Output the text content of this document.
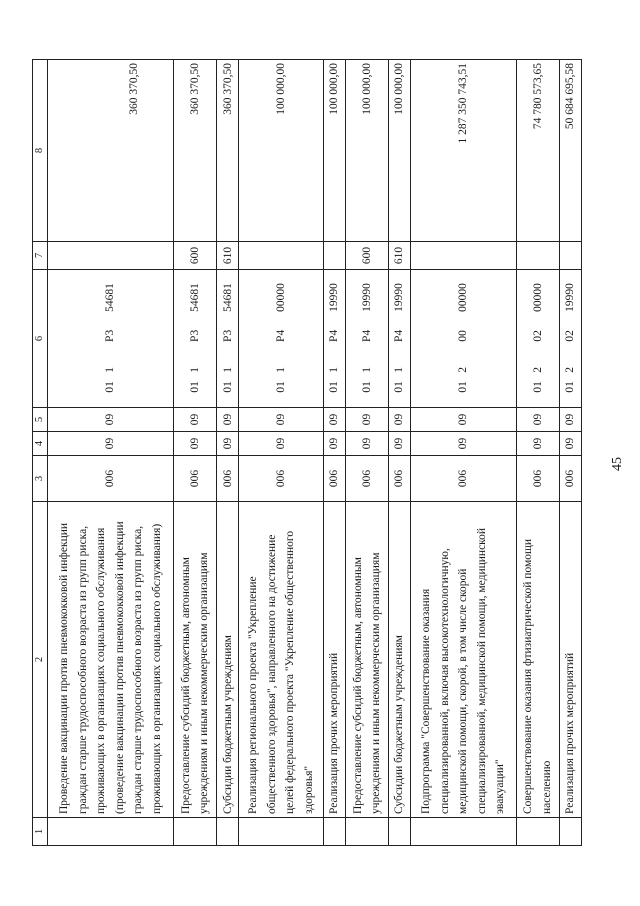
45
1	2	3	4	5	6	7	8
	Проведение вакцинации против пневмококковой инфекции граждан старше трудоспособного возраста из групп риска, проживающих в организациях социального обслуживания (проведение вакцинации против пневмококковой инфекции граждан старше трудоспособного возраста из групп риска, проживающих в организациях социального обслуживания)	006	09	09	011Р354681		360 370,50
	Предоставление субсидий бюджетным, автономным учреждениям и иным некоммерческим организациям	006	09	09	011Р354681	600	360 370,50
	Субсидии бюджетным учреждениям	006	09	09	011Р354681	610	360 370,50
	Реализация регионального проекта "Укрепление общественного здоровья", направленного на достижение целей федерального проекта "Укрепление общественного здоровья"	006	09	09	011Р400000		100 000,00
	Реализация прочих мероприятий	006	09	09	011Р419990		100 000,00
	Предоставление субсидий бюджетным, автономным учреждениям и иным некоммерческим организациям	006	09	09	011Р419990	600	100 000,00
	Субсидии бюджетным учреждениям	006	09	09	011Р419990	610	100 000,00
	Подпрограмма "Совершенствование оказания специализированной, включая высокотехнологичную, медицинской помощи, скорой, в том числе скорой специализированной, медицинской помощи, медицинской эвакуации"	006	09	09	0120000000		1 287 350 743,51
	Совершенствование оказания фтизиатрической помощи населению	006	09	09	0120200000		74 780 573,65
	Реализация прочих мероприятий	006	09	09	0120219990		50 684 695,58
